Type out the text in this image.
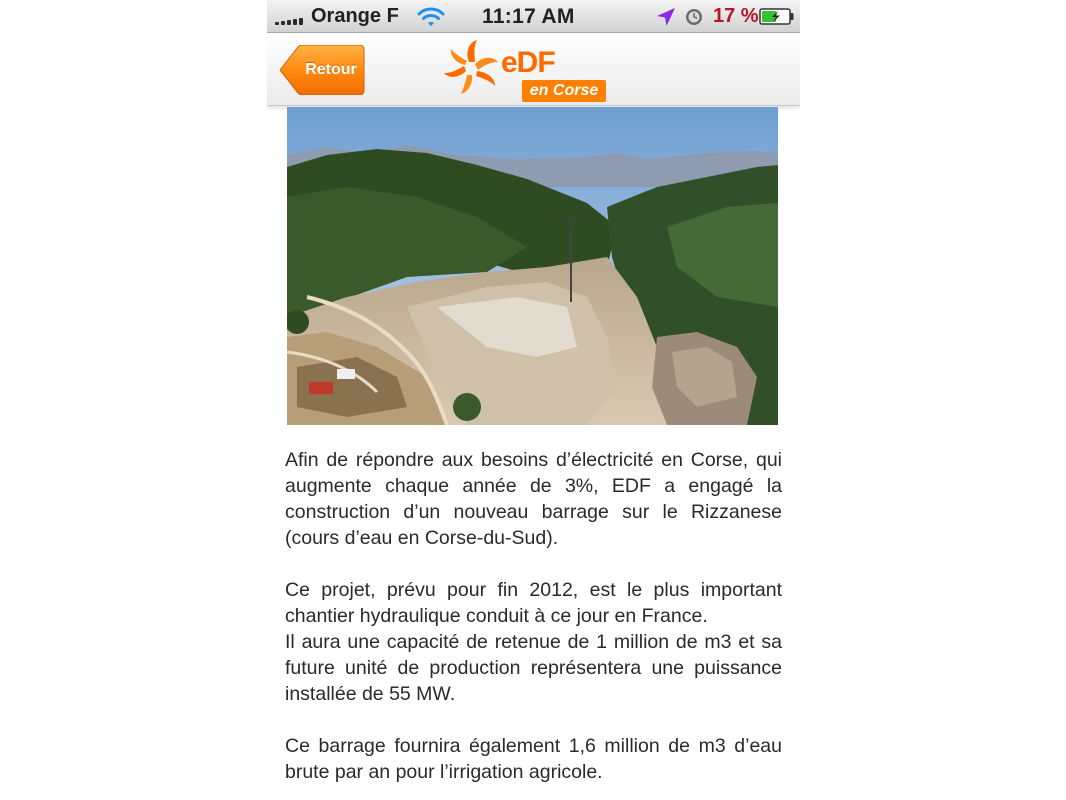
Orange F	11:17 AM	17 %
Retour	eDF
en Corse

Afin de répondre aux besoins d’électricité en Corse, qui augmente chaque année de 3%, EDF a engagé la construction d’un nouveau barrage sur le Rizzanese (cours d’eau en Corse-du-Sud).

Ce projet, prévu pour fin 2012, est le plus important chantier hydraulique conduit à ce jour en France.
Il aura une capacité de retenue de 1 million de m3 et sa future unité de production représentera une puissance installée de 55 MW.

Ce barrage fournira également 1,6 million de m3 d’eau brute par an pour l’irrigation agricole.
